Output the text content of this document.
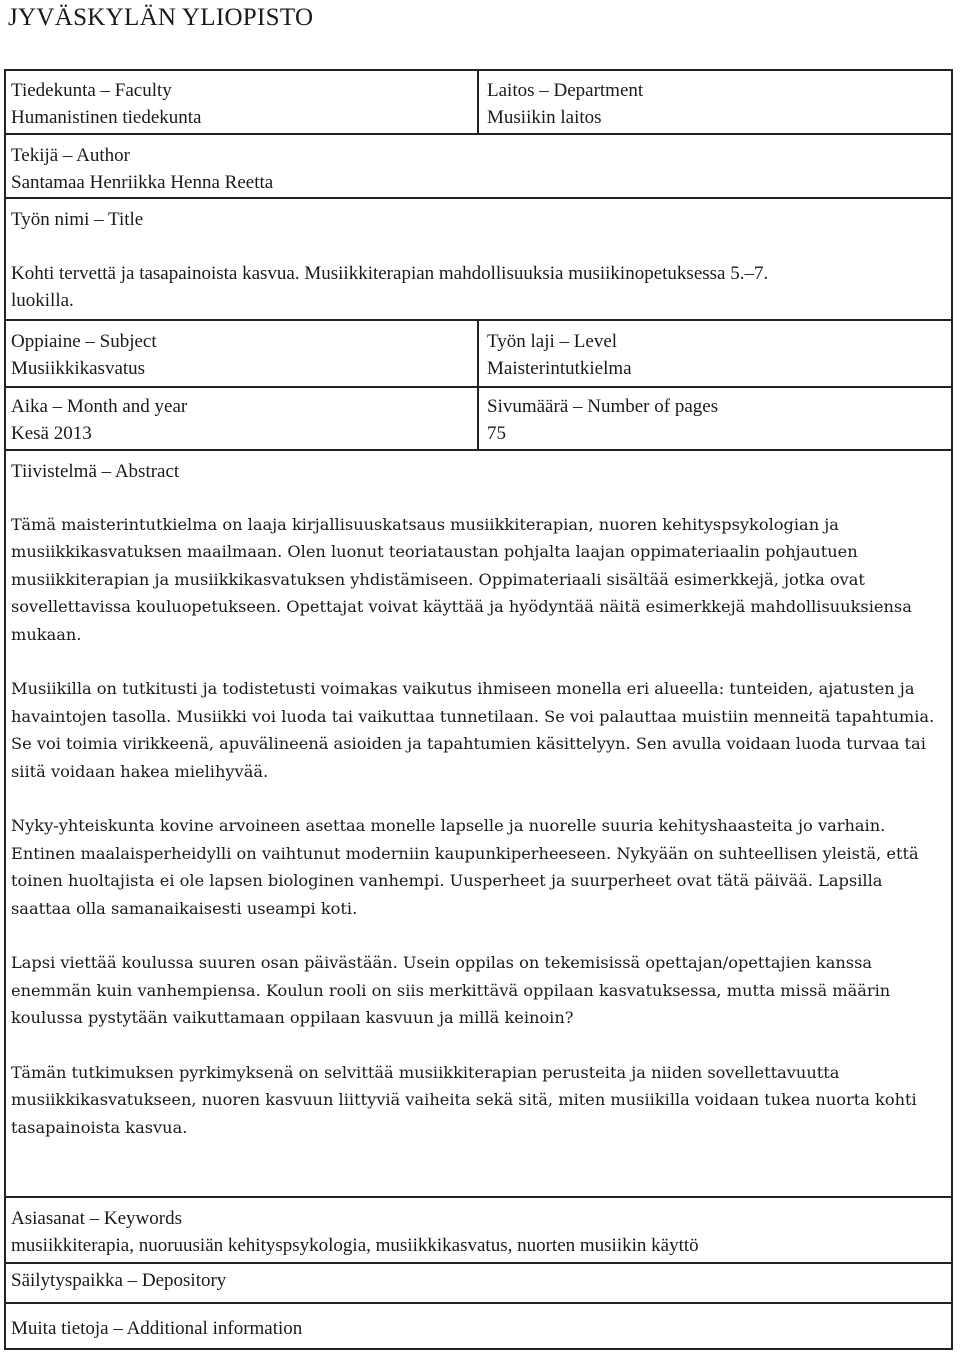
JYVÄSKYLÄN YLIOPISTO
Tiedekunta – Faculty
Humanistinen tiedekunta
Laitos – Department
Musiikin laitos
Tekijä – Author
Santamaa Henriikka Henna Reetta
Työn nimi – Title
Kohti tervettä ja tasapainoista kasvua. Musiikkiterapian mahdollisuuksia musiikinopetuksessa 5.–7.
luokilla.
Oppiaine – Subject
Musiikkikasvatus
Työn laji – Level
Maisterintutkielma
Aika – Month and year
Kesä 2013
Sivumäärä – Number of pages
75
Tiivistelmä – Abstract

Tämä maisterintutkielma on laaja kirjallisuuskatsaus musiikkiterapian, nuoren kehityspsykologian ja musiikkikasvatuksen maailmaan. Olen luonut teoriataustan pohjalta laajan oppimateriaalin pohjautuen musiikkiterapian ja musiikkikasvatuksen yhdistämiseen. Oppimateriaali sisältää esimerkkejä, jotka ovat sovellettavissa kouluopetukseen. Opettajat voivat käyttää ja hyödyntää näitä esimerkkejä mahdollisuuksiensa mukaan.

Musiikilla on tutkitusti ja todistetusti voimakas vaikutus ihmiseen monella eri alueella: tunteiden, ajatusten ja havaintojen tasolla. Musiikki voi luoda tai vaikuttaa tunnetilaan. Se voi palauttaa muistiin menneitä tapahtumia. Se voi toimia virikkeenä, apuvälineenä asioiden ja tapahtumien käsittelyyn. Sen avulla voidaan luoda turvaa tai siitä voidaan hakea mielihyvää.

Nyky-yhteiskunta kovine arvoineen asettaa monelle lapselle ja nuorelle suuria kehityshaasteita jo varhain. Entinen maalaisperheidylli on vaihtunut moderniin kaupunkiperheeseen. Nykyään on suhteellisen yleistä, että toinen huoltajista ei ole lapsen biologinen vanhempi. Uusperheet ja suurperheet ovat tätä päivää. Lapsilla saattaa olla samanaikaisesti useampi koti.

Lapsi viettää koulussa suuren osan päivästään. Usein oppilas on tekemisissä opettajan/opettajien kanssa enemmän kuin vanhempiensa. Koulun rooli on siis merkittävä oppilaan kasvatuksessa, mutta missä määrin koulussa pystytään vaikuttamaan oppilaan kasvuun ja millä keinoin?

Tämän tutkimuksen pyrkimyksenä on selvittää musiikkiterapian perusteita ja niiden sovellettavuutta musiikkikasvatukseen, nuoren kasvuun liittyviä vaiheita sekä sitä, miten musiikilla voidaan tukea nuorta kohti tasapainoista kasvua.

Asiasanat – Keywords
musiikkiterapia, nuoruusiän kehityspsykologia, musiikkikasvatus, nuorten musiikin käyttö
Säilytyspaikka – Depository
Muita tietoja – Additional information
